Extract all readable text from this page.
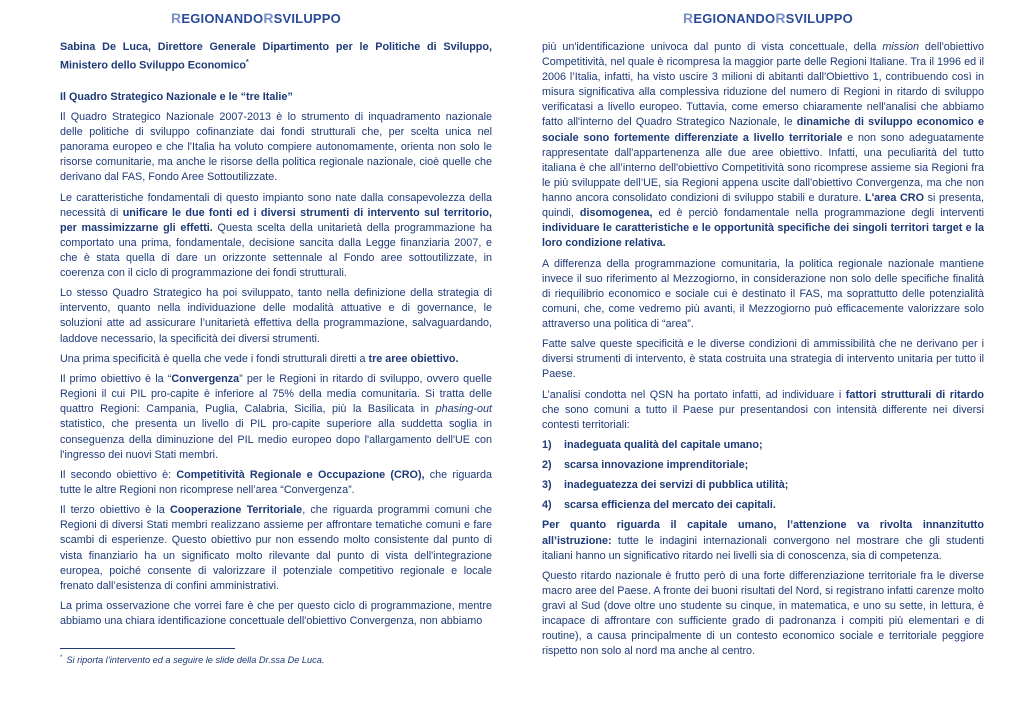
REGIONANDORSVILUPPO

Sabina De Luca, Direttore Generale Dipartimento per le Politiche di Sviluppo, Ministero dello Sviluppo Economico*

Il Quadro Strategico Nazionale e le “tre Italie”

Il Quadro Strategico Nazionale 2007-2013 è lo strumento di inquadramento nazionale delle politiche di sviluppo cofinanziate dai fondi strutturali che, per scelta unica nel panorama europeo e che l'Italia ha voluto compiere autonomamente, orienta non solo le risorse comunitarie, ma anche le risorse della politica regionale nazionale, cioè quelle che derivano dal FAS, Fondo Aree Sottoutilizzate.

Le caratteristiche fondamentali di questo impianto sono nate dalla consapevolezza della necessità di unificare le due fonti ed i diversi strumenti di intervento sul territorio, per massimizzarne gli effetti. Questa scelta della unitarietà della programmazione ha comportato una prima, fondamentale, decisione sancita dalla Legge finanziaria 2007, e che è stata quella di dare un orizzonte settennale al Fondo aree sottoutilizzate, in coerenza con il ciclo di programmazione dei fondi strutturali.

Lo stesso Quadro Strategico ha poi sviluppato, tanto nella definizione della strategia di intervento, quanto nella individuazione delle modalità attuative e di governance, le soluzioni atte ad assicurare l’unitarietà effettiva della programmazione, salvaguardando, laddove necessario, la specificità dei diversi strumenti.

Una prima specificità è quella che vede i fondi strutturali diretti a tre aree obiettivo.

Il primo obiettivo è la “Convergenza” per le Regioni in ritardo di sviluppo, ovvero quelle Regioni il cui PIL pro-capite è inferiore al 75% della media comunitaria. Si tratta delle quattro Regioni: Campania, Puglia, Calabria, Sicilia, più la Basilicata in phasing-out statistico, che presenta un livello di PIL pro-capite superiore alla suddetta soglia in conseguenza della diminuzione del PIL medio europeo dopo l'allargamento dell'UE con l'ingresso dei nuovi Stati membri.

Il secondo obiettivo è: Competitività Regionale e Occupazione (CRO), che riguarda tutte le altre Regioni non ricomprese nell’area “Convergenza”.

Il terzo obiettivo è la Cooperazione Territoriale, che riguarda programmi comuni che Regioni di diversi Stati membri realizzano assieme per affrontare tematiche comuni e fare scambi di esperienze. Questo obiettivo pur non essendo molto consistente dal punto di vista finanziario ha un significato molto rilevante dal punto di vista dell'integrazione europea, poiché consente di valorizzare il potenziale competitivo regionale e locale frenato dall’esistenza di confini amministrativi.

La prima osservazione che vorrei fare è che per questo ciclo di programmazione, mentre abbiamo una chiara identificazione concettuale dell'obiettivo Convergenza, non abbiamo

* Si riporta l’intervento ed a seguire le slide della Dr.ssa De Luca.
REGIONANDORSVILUPPO

più un'identificazione univoca dal punto di vista concettuale, della mission dell'obiettivo Competitività, nel quale è ricompresa la maggior parte delle Regioni Italiane. Tra il 1996 ed il 2006 l’Italia, infatti, ha visto uscire 3 milioni di abitanti dall'Obiettivo 1, contribuendo così in misura significativa alla complessiva riduzione del numero di Regioni in ritardo di sviluppo verificatasi a livello europeo. Tuttavia, come emerso chiaramente nell'analisi che abbiamo fatto all'interno del Quadro Strategico Nazionale, le dinamiche di sviluppo economico e sociale sono fortemente differenziate a livello territoriale e non sono adeguatamente rappresentate dall'appartenenza alle due aree obiettivo. Infatti, una peculiarità del tutto italiana è che all’interno dell'obiettivo Competitività sono ricomprese assieme sia Regioni fra le più sviluppate dell’UE, sia Regioni appena uscite dall'obiettivo Convergenza, ma che non hanno ancora consolidato condizioni di sviluppo stabili e durature. L'area CRO si presenta, quindi, disomogenea, ed è perciò fondamentale nella programmazione degli interventi individuare le caratteristiche e le opportunità specifiche dei singoli territori target e la loro condizione relativa.

A differenza della programmazione comunitaria, la politica regionale nazionale mantiene invece il suo riferimento al Mezzogiorno, in considerazione non solo delle specifiche finalità di riequilibrio economico e sociale cui è destinato il FAS, ma soprattutto delle potenzialità comuni, che, come vedremo più avanti, il Mezzogiorno può efficacemente valorizzare solo attraverso una politica di “area”.

Fatte salve queste specificità e le diverse condizioni di ammissibilità che ne derivano per i diversi strumenti di intervento, è stata costruita una strategia di intervento unitaria per tutto il Paese.

L’analisi condotta nel QSN ha portato infatti, ad individuare i fattori strutturali di ritardo che sono comuni a tutto il Paese pur presentandosi con intensità differente nei diversi contesti territoriali:

1)	inadeguata qualità del capitale umano;
2)	scarsa innovazione imprenditoriale;
3)	inadeguatezza dei servizi di pubblica utilità;
4)	scarsa efficienza del mercato dei capitali.

Per quanto riguarda il capitale umano, l’attenzione va rivolta innanzitutto all’istruzione: tutte le indagini internazionali convergono nel mostrare che gli studenti italiani hanno un significativo ritardo nei livelli sia di conoscenza, sia di competenza.

Questo ritardo nazionale è frutto però di una forte differenziazione territoriale fra le diverse macro aree del Paese. A fronte dei buoni risultati del Nord, si registrano infatti carenze molto gravi al Sud (dove oltre uno studente su cinque, in matematica, e uno su sette, in lettura, è incapace di affrontare con sufficiente grado di padronanza i compiti più elementari e di routine), a causa principalmente di un contesto economico sociale e territoriale peggiore rispetto non solo al nord ma anche al centro.
